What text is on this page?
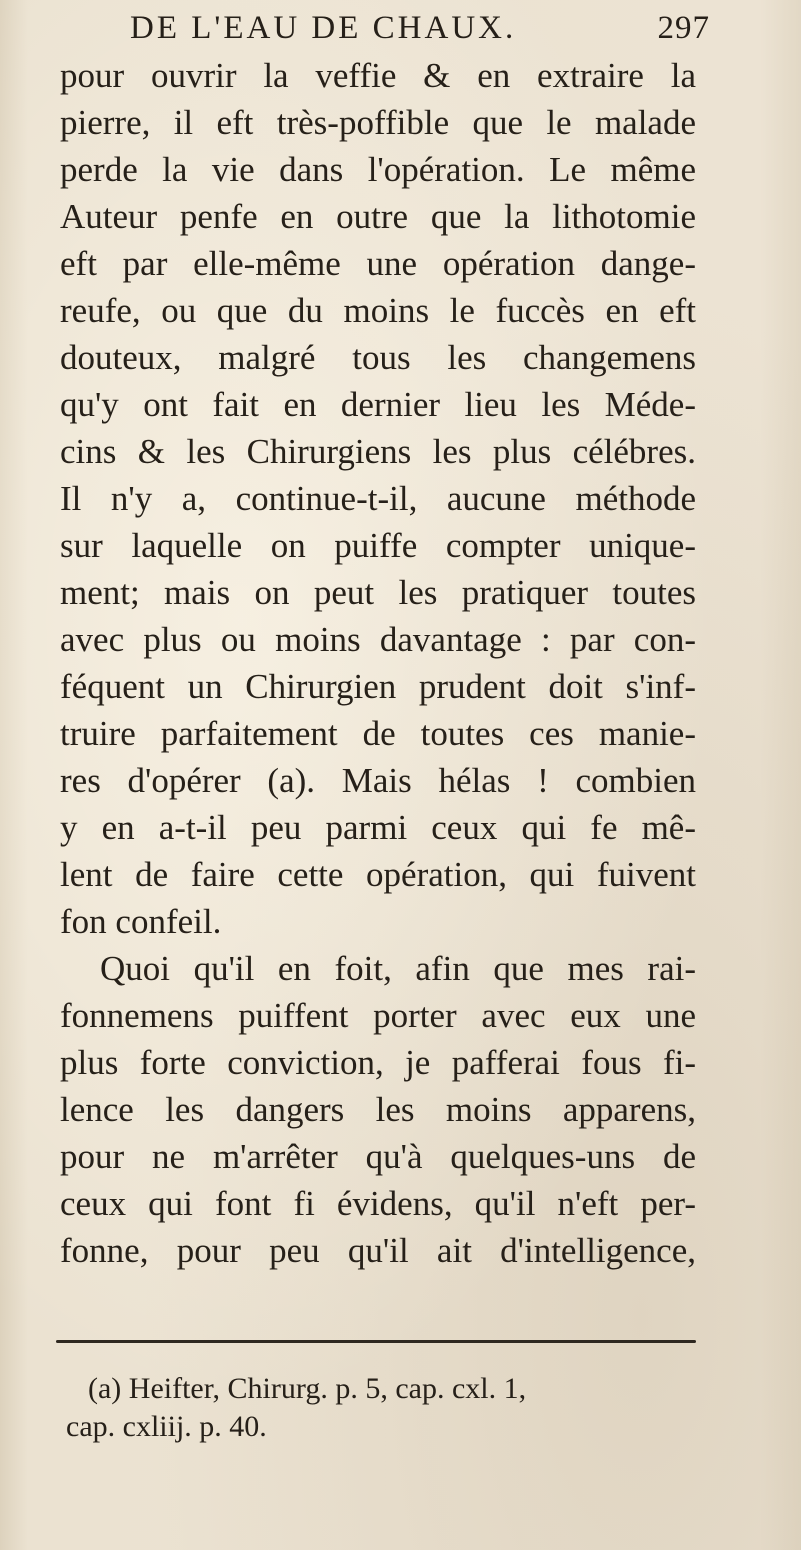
DE L'EAU DE CHAUX.	297
pour ouvrir la veffie & en extraire la
pierre, il eft très-poffible que le malade
perde la vie dans l'opération. Le même
Auteur penfe en outre que la lithotomie
eft par elle-même une opération dange-
reufe, ou que du moins le fuccès en eft
douteux, malgré tous les changemens
qu'y ont fait en dernier lieu les Méde-
cins & les Chirurgiens les plus célébres.
Il n'y a, continue-t-il, aucune méthode
sur laquelle on puiffe compter unique-
ment; mais on peut les pratiquer toutes
avec plus ou moins davantage : par con-
féquent un Chirurgien prudent doit s'inf-
truire parfaitement de toutes ces manie-
res d'opérer (a). Mais hélas ! combien
y en a-t-il peu parmi ceux qui fe mê-
lent de faire cette opération, qui fuivent
fon confeil.
Quoi qu'il en foit, afin que mes rai-
fonnemens puiffent porter avec eux une
plus forte conviction, je pafferai fous fi-
lence les dangers les moins apparens,
pour ne m'arrêter qu'à quelques-uns de
ceux qui font fi évidens, qu'il n'eft per-
fonne, pour peu qu'il ait d'intelligence,
(a) Heifter, Chirurg. p. 5, cap. cxl. 1,
cap. cxliij. p. 40.
